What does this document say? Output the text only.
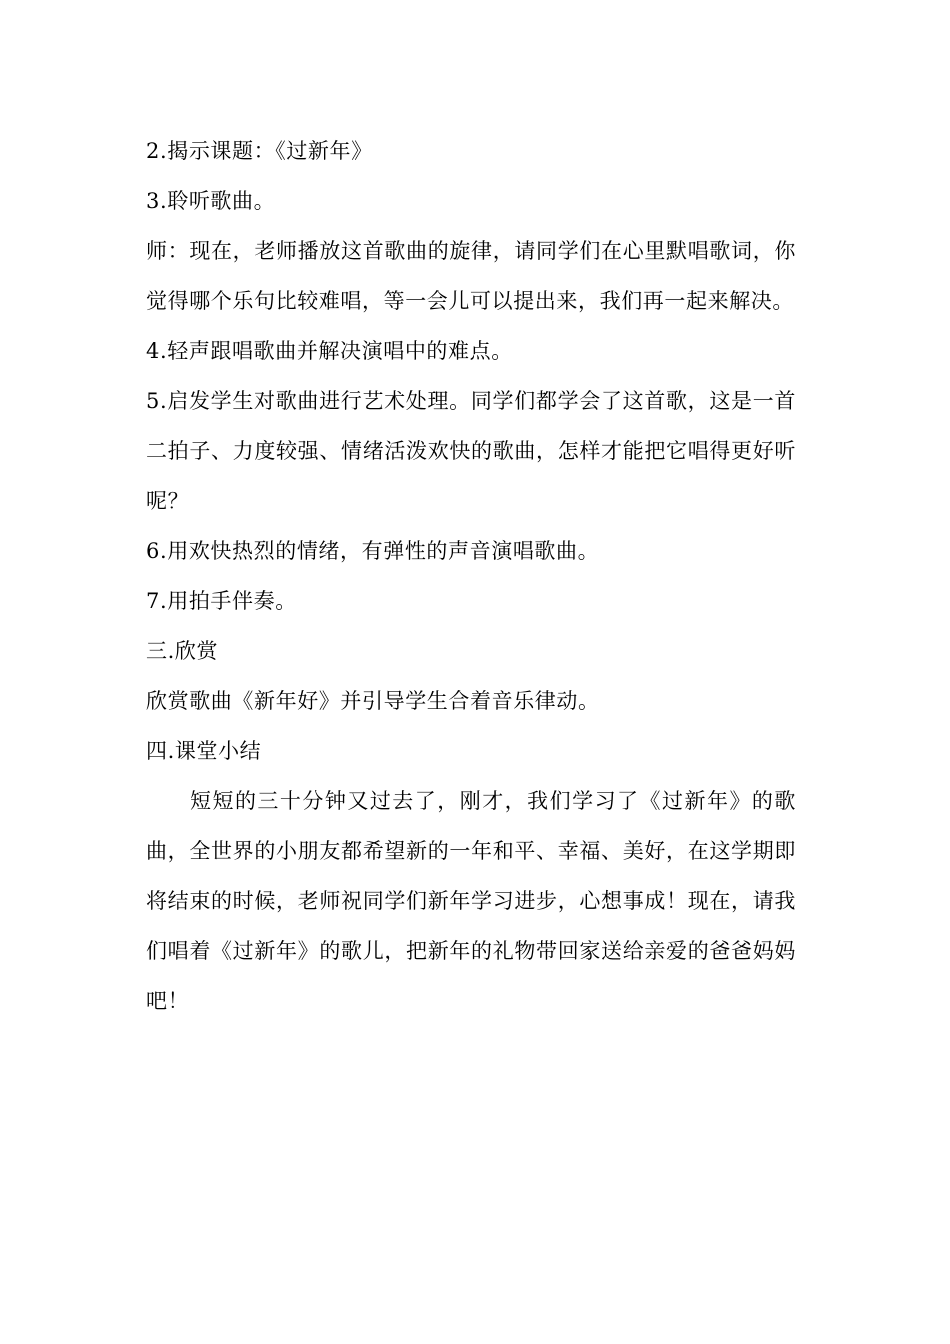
2.揭示课题：《过新年》

3.聆听歌曲。

师：现在，老师播放这首歌曲的旋律，请同学们在心里默唱歌词，你觉得哪个乐句比较难唱，等一会儿可以提出来，我们再一起来解决。

4.轻声跟唱歌曲并解决演唱中的难点。

5.启发学生对歌曲进行艺术处理。同学们都学会了这首歌，这是一首二拍子、力度较强、情绪活泼欢快的歌曲，怎样才能把它唱得更好听呢？

6.用欢快热烈的情绪，有弹性的声音演唱歌曲。

7.用拍手伴奏。

三.欣赏

欣赏歌曲《新年好》并引导学生合着音乐律动。

四.课堂小结

短短的三十分钟又过去了，刚才，我们学习了《过新年》的歌曲，全世界的小朋友都希望新的一年和平、幸福、美好，在这学期即将结束的时候，老师祝同学们新年学习进步，心想事成！现在，请我们唱着《过新年》的歌儿，把新年的礼物带回家送给亲爱的爸爸妈妈吧！
